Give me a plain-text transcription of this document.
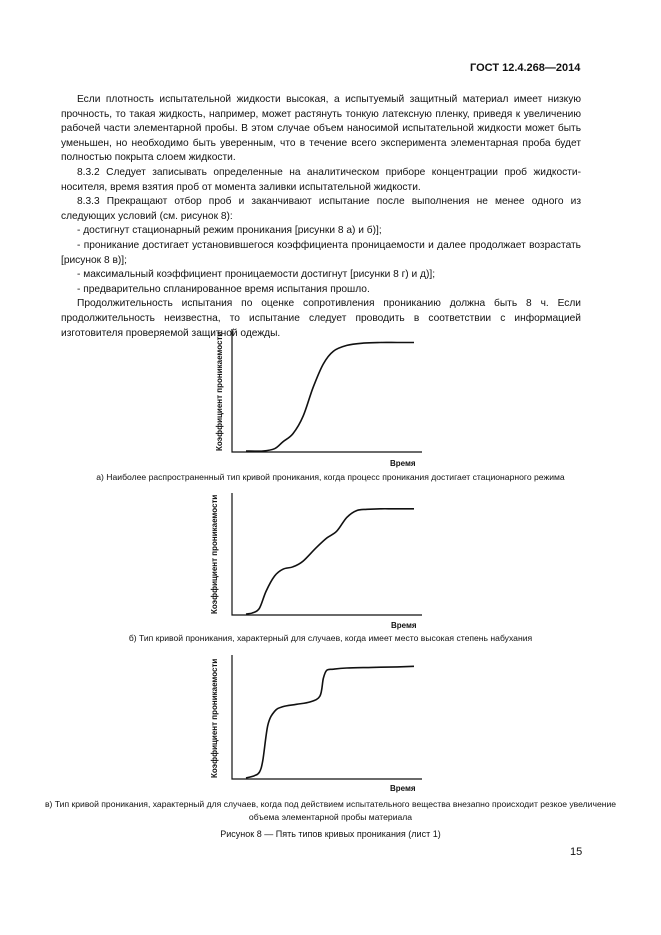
ГОСТ 12.4.268—2014

Если плотность испытательной жидкости высокая, а испытуемый защитный материал имеет низкую прочность, то такая жидкость, например, может растянуть тонкую латексную пленку, приведя к увеличению рабочей части элементарной пробы. В этом случае объем наносимой испытательной жидкости может быть уменьшен, но необходимо быть уверенным, что в течение всего эксперимента элементарная проба будет полностью покрыта слоем жидкости.

8.3.2 Следует записывать определенные на аналитическом приборе концентрации проб жидкости-носителя, время взятия проб от момента заливки испытательной жидкости.

8.3.3 Прекращают отбор проб и заканчивают испытание после выполнения не менее одного из следующих условий (см. рисунок 8):

- достигнут стационарный режим проникания [рисунки 8 а) и б)];

- проникание достигает установившегося коэффициента проницаемости и далее продолжает возрастать [рисунок 8 в)];

- максимальный коэффициент проницаемости достигнут [рисунки 8 г) и д)];

- предварительно спланированное время испытания прошло.

Продолжительность испытания по оценке сопротивления прониканию должна быть 8 ч. Если продолжительность неизвестна, то испытание следует проводить в соответствии с информацией изготовителя проверяемой защитной одежды.

Коэффициент проникаемости
Время
а) Наиболее распространенный тип кривой проникания, когда процесс проникания достигает стационарного режима
Коэффициент проникаемости
Время
б) Тип кривой проникания, характерный для случаев, когда имеет место высокая степень набухания
Коэффициент проникаемости
Время
в) Тип кривой проникания, характерный для случаев, когда под действием испытательного вещества внезапно происходит резкое увеличение объема элементарной пробы материала
Рисунок 8 — Пять типов кривых проникания (лист 1)
15
